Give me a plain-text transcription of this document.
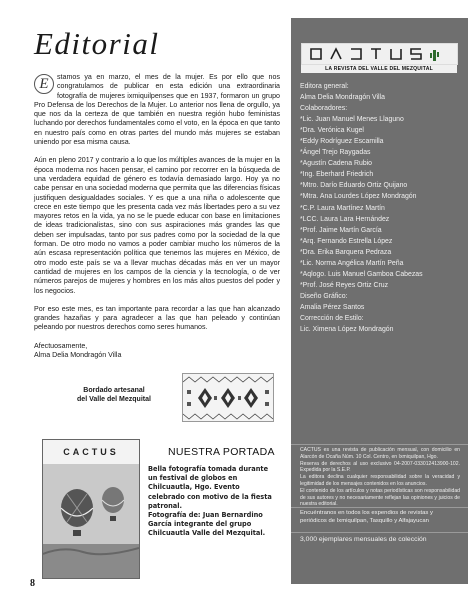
Editorial

E	stamos ya en marzo, el mes de la mujer. Es por ello que nos congratulamos de publicar en esta edición una extraordinaria fotografía de mujeres ixmiquilpenses que en 1937, formaron un grupo Pro Defensa de los Derechos de la Mujer. Lo anterior nos llena de orgullo, ya que nos da la certeza de que también en nuestra región hubo feministas luchando por derechos fundamentales como el voto, en la época en que tanto en nuestro país como en otras partes del mundo más mujeres se estaban uniendo por esa misma causa.

Aún en pleno 2017 y contrario a lo que los múltiples avances de la mujer en la época moderna nos hacen pensar, el camino por recorrer en la búsqueda de una verdadera equidad de género es todavía demasiado largo. Hoy ya no cabe pensar en una sociedad moderna que permita que las diferencias físicas justifiquen desigualdades sociales. Y es que a una niña o adolescente que crece en este tiempo que les presenta cada vez más libertades pero a su vez mayores retos en la vida, ya no se le puede educar con base en limitaciones de ideas tradicionalistas, sino con sus aspiraciones más grandes las que deben ser impulsadas, tanto por sus padres como por la sociedad de la que forman. De otro modo no vamos a poder cambiar mucho los números de la aún escasa representación política que tenemos las mujeres en México, de otro modo este país se va a llevar muchas décadas más en ver un mayor cantidad de mujeres en los campos de la ciencia y la tecnología, o de ver números parejos de mujeres y hombres en los más altos puestos del poder y los negocios.

Por eso este mes, es tan importante para recordar a las que han alcanzado grandes hazañas y para agradecer a las que han peleado y continúan peleando por nuestros derechos como seres humanos.

Afectuosamente,
Alma Delia Mondragón Villa
LA REVISTA DEL VALLE DEL MEZQUITAL
Editora general:
Alma Delia Mondragón Villa
Colaboradores:
*Lic. Juan Manuel Menes Llaguno
*Dra. Verónica Kugel
*Eddy Rodríguez Escamilla
*Ángel Trejo Raygadas
*Agustín Cadena Rubio
*Ing. Eberhard Friedrich
*Mtro. Darío Eduardo Ortiz Quijano
*Mtra. Ana Lourdes López Mondragón
*C.P. Laura Martínez Martín
*LCC. Laura Lara Hernández
*Prof. Jaime Martín García
*Arq. Fernando Estrella López
*Dra. Erika Barquera Pedraza
*Lic. Norma Angélica Martín Peña
*Aqlogo. Luis Manuel Gamboa Cabezas
*Prof. José Reyes Ortiz Cruz
Diseño Gráfico:
Amalia Pérez Santos
Corrección de Estilo:
Lic. Ximena López Mondragón

CACTUS es una revista de publicación mensual, con domicilio en Alarcón de Ocaña Núm. 10 Col. Centro, en Ixmiquilpan, Hgo.

Reserva de derechos al uso exclusivo 04-2007-033012413900-102. Expedida por la S.E.P.

La editora declina cualquier responsabilidad sobre la veracidad y legitimidad de los mensajes contenidos en los anuncios.

El contenido de los artículos y notas periodísticas son responsabilidad de sus autores y no necesariamente reflejan las opiniones y juicios de nuestra editorial.

Encuéntranos en todos los expendios de revistas y periódicos de Ixmiquilpan, Tasquillo y Alfajayucan
3,000 ejemplares mensuales de colección
Bordado artesanal
del Valle del Mezquital
CACTUS	NUESTRA PORTADA

Bella fotografía tomada durante un festival de globos en Chilcuautla, Hgo. Evento celebrado con motivo de la fiesta patronal.

Fotografía de: Juan Bernardino García integrante del grupo Chilcuautla Valle del Mezquital.

8
